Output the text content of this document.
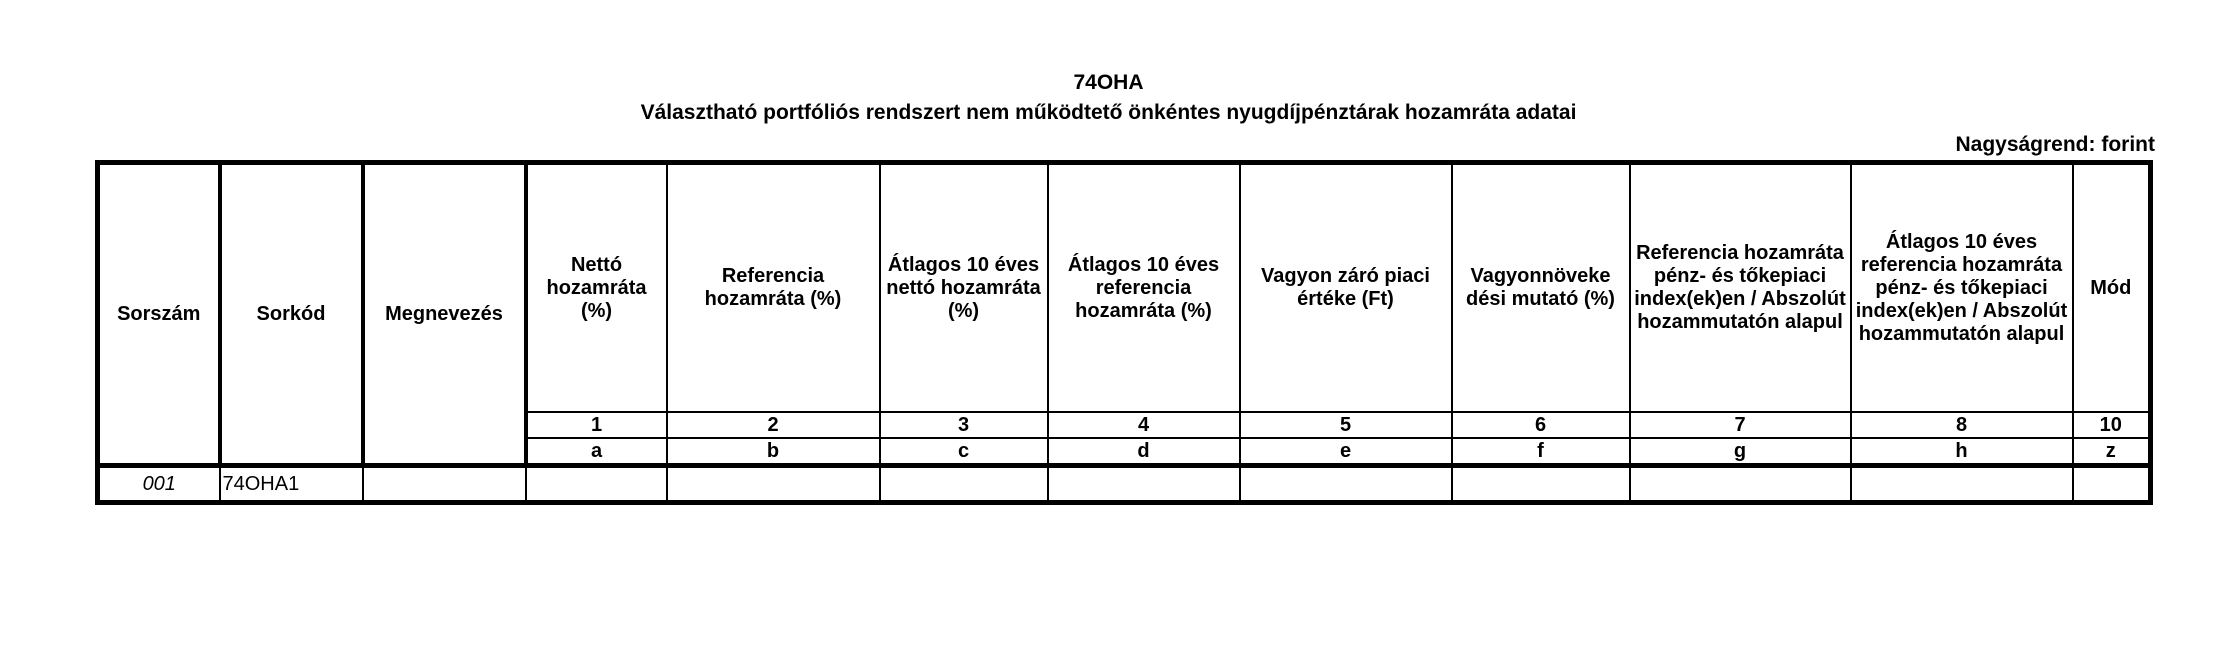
74OHA
Választható portfóliós rendszert nem működtető önkéntes nyugdíjpénztárak hozamráta adatai
Nagyságrend: forint
Sorszám	Sorkód	Megnevezés	Nettó hozamráta (%)	Referencia hozamráta (%)	Átlagos 10 éves nettó hozamráta (%)	Átlagos 10 éves referencia hozamráta (%)	Vagyon záró piaci értéke (Ft)	Vagyonnöveke dési mutató (%)	Referencia hozamráta pénz- és tőkepiaci index(ek)en / Abszolút hozammutatón alapul	Átlagos 10 éves referencia hozamráta pénz- és tőkepiaci index(ek)en / Abszolút hozammutatón alapul	Mód
			1	2	3	4	5	6	7	8	10
			a	b	c	d	e	f	g	h	z
001	74OHA1										
